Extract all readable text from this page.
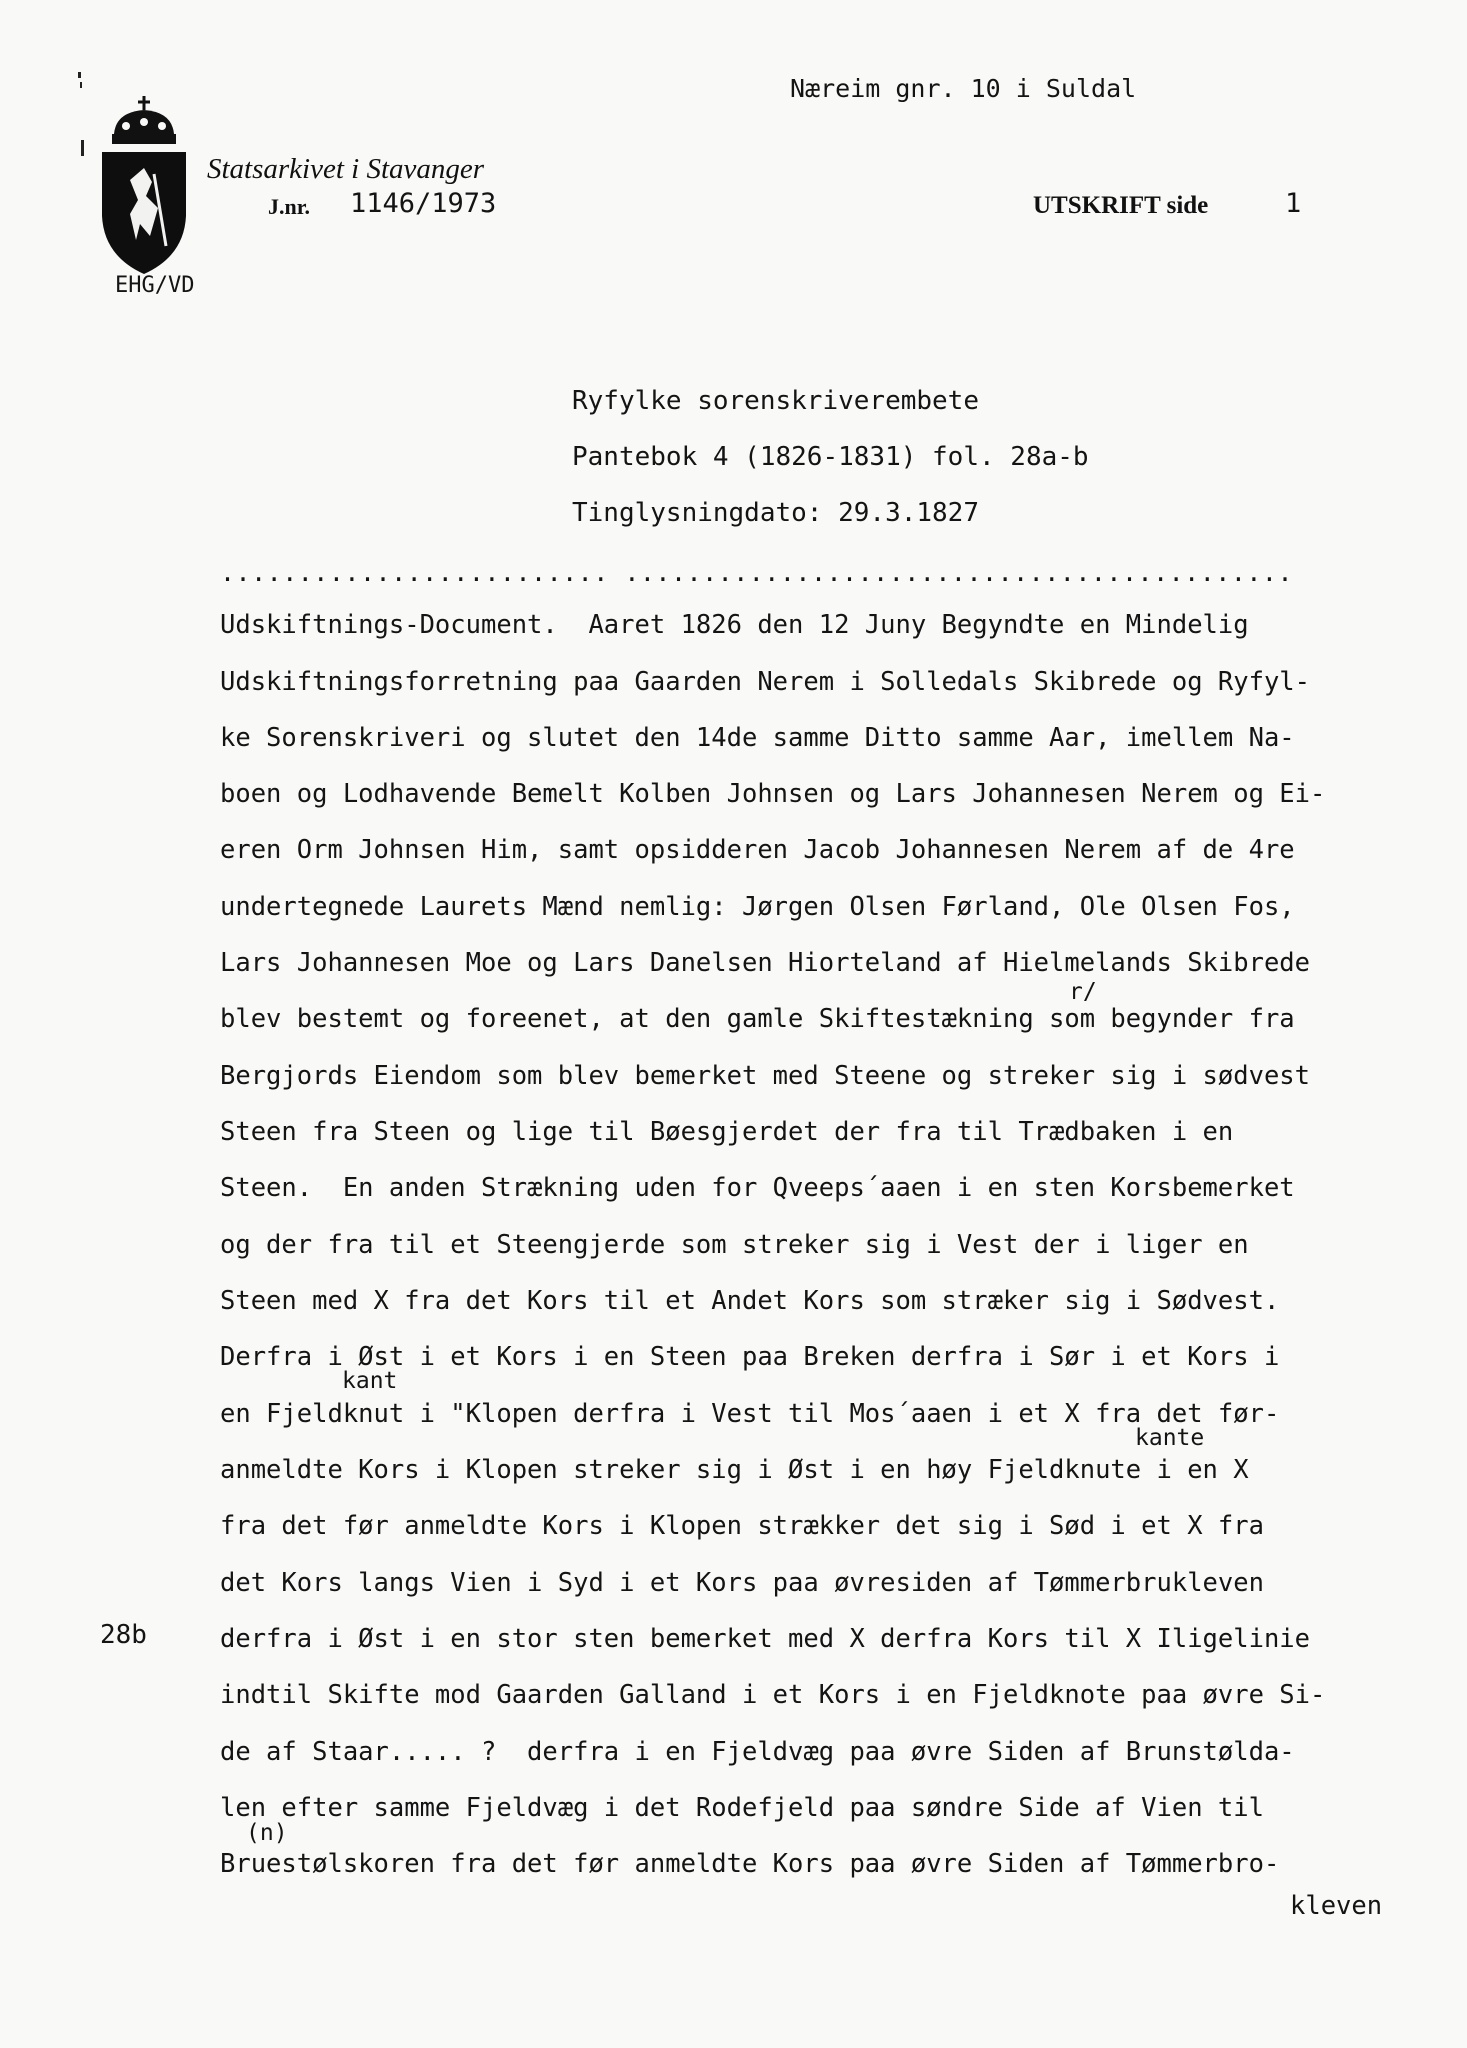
Næreim gnr. 10 i Suldal
Statsarkivet i Stavanger
J.nr. 1146/1973	UTSKRIFT side	1
EHG/VD
Ryfylke sorenskriverembete
Pantebok 4 (1826-1831) fol. 28a-b
Tinglysningdato: 29.3.1827
......................... ...........................................
28b
Udskiftnings-Document.  Aaret 1826 den 12 Juny Begyndte en Mindelig
Udskiftningsforretning paa Gaarden Nerem i Solledals Skibrede og Ryfyl-
ke Sorenskriveri og slutet den 14de samme Ditto samme Aar, imellem Na-
boen og Lodhavende Bemelt Kolben Johnsen og Lars Johannesen Nerem og Ei-
eren Orm Johnsen Him, samt opsidderen Jacob Johannesen Nerem af de 4re
undertegnede Laurets Mænd nemlig: Jørgen Olsen Førland, Ole Olsen Fos,
Lars Johannesen Moe og Lars Danelsen Hiorteland af Hielmelands Skibrede
blev bestemt og foreenet, at den gamle Skiftestækning som begynder fra
Bergjords Eiendom som blev bemerket med Steene og streker sig i sødvest
Steen fra Steen og lige til Bøesgjerdet der fra til Trædbaken i en
Steen.  En anden Strækning uden for Qveeps´aaen i en sten Korsbemerket
og der fra til et Steengjerde som streker sig i Vest der i liger en
Steen med X fra det Kors til et Andet Kors som stræker sig i Sødvest.
Derfra i Øst i et Kors i en Steen paa Breken derfra i Sør i et Kors i
en Fjeldknut i "Klopen derfra i Vest til Mos´aaen i et X fra det før-
anmeldte Kors i Klopen streker sig i Øst i en høy Fjeldknute i en X
fra det før anmeldte Kors i Klopen strækker det sig i Sød i et X fra
det Kors langs Vien i Syd i et Kors paa øvresiden af Tømmerbrukleven
derfra i Øst i en stor sten bemerket med X derfra Kors til X Iligelinie
indtil Skifte mod Gaarden Galland i et Kors i en Fjeldknote paa øvre Si-
de af Staar..... ?  derfra i en Fjeldvæg paa øvre Siden af Brunstølda-
len efter samme Fjeldvæg i det Rodefjeld paa søndre Side af Vien til
Bruestølskoren fra det før anmeldte Kors paa øvre Siden af Tømmerbro-
r/
kant
kante
(n)
kleven
